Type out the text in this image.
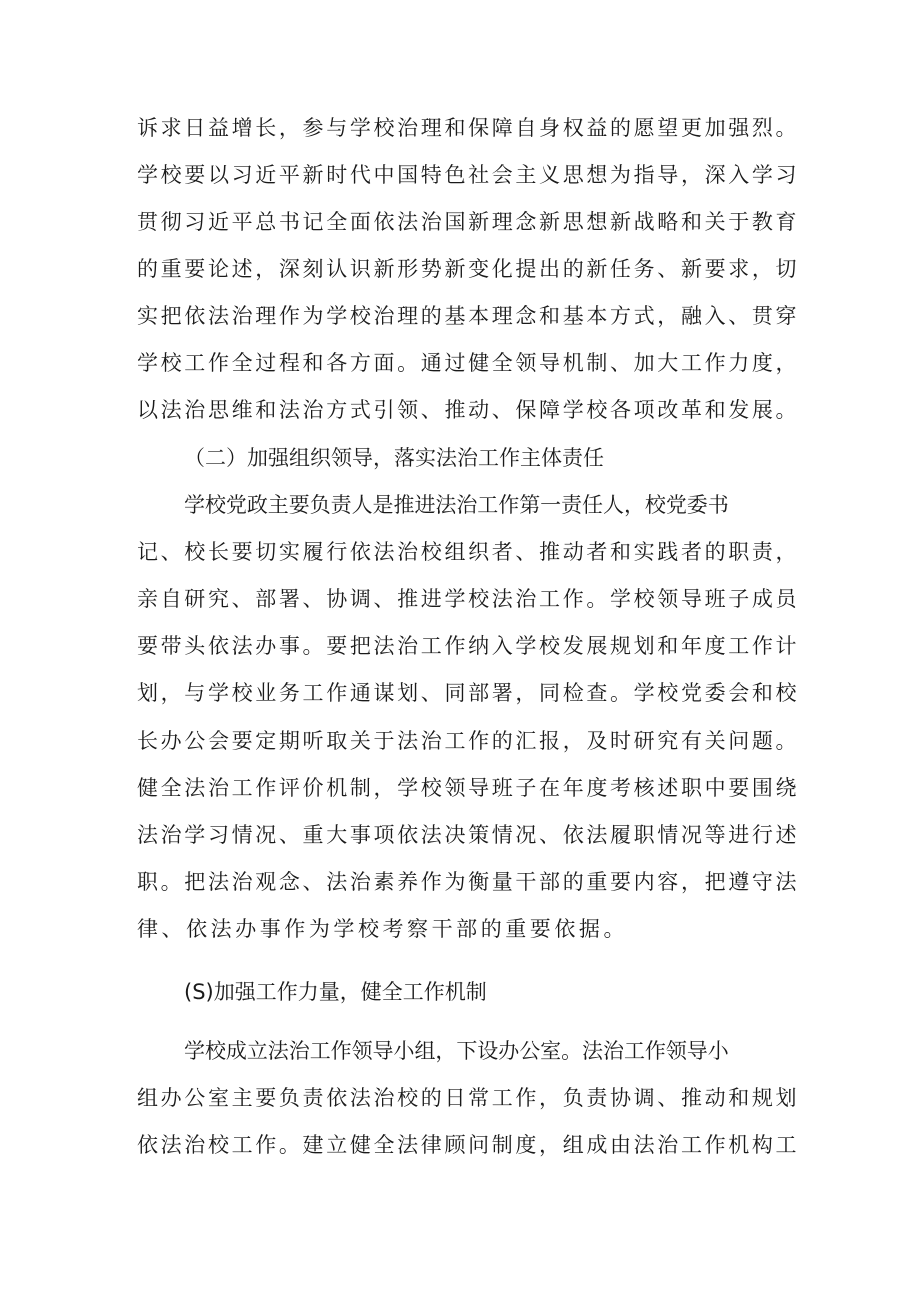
诉求日益增长，参与学校治理和保障自身权益的愿望更加强烈。
学校要以习近平新时代中国特色社会主义思想为指导，深入学习
贯彻习近平总书记全面依法治国新理念新思想新战略和关于教育
的重要论述，深刻认识新形势新变化提出的新任务、新要求，切
实把依法治理作为学校治理的基本理念和基本方式，融入、贯穿
学校工作全过程和各方面。通过健全领导机制、加大工作力度，
以法治思维和法治方式引领、推动、保障学校各项改革和发展。
（二）加强组织领导，落实法治工作主体责任
学校党政主要负责人是推进法治工作第一责任人，校党委书
记、校长要切实履行依法治校组织者、推动者和实践者的职责，
亲自研究、部署、协调、推进学校法治工作。学校领导班子成员
要带头依法办事。要把法治工作纳入学校发展规划和年度工作计
划，与学校业务工作通谋划、同部署，同检查。学校党委会和校
长办公会要定期听取关于法治工作的汇报，及时研究有关问题。
健全法治工作评价机制，学校领导班子在年度考核述职中要围绕
法治学习情况、重大事项依法决策情况、依法履职情况等进行述
职。把法治观念、法治素养作为衡量干部的重要内容，把遵守法
律、依法办事作为学校考察干部的重要依据。
(S)加强工作力量，健全工作机制
学校成立法治工作领导小组，下设办公室。法治工作领导小
组办公室主要负责依法治校的日常工作，负责协调、推动和规划
依法治校工作。建立健全法律顾问制度，组成由法治工作机构工
